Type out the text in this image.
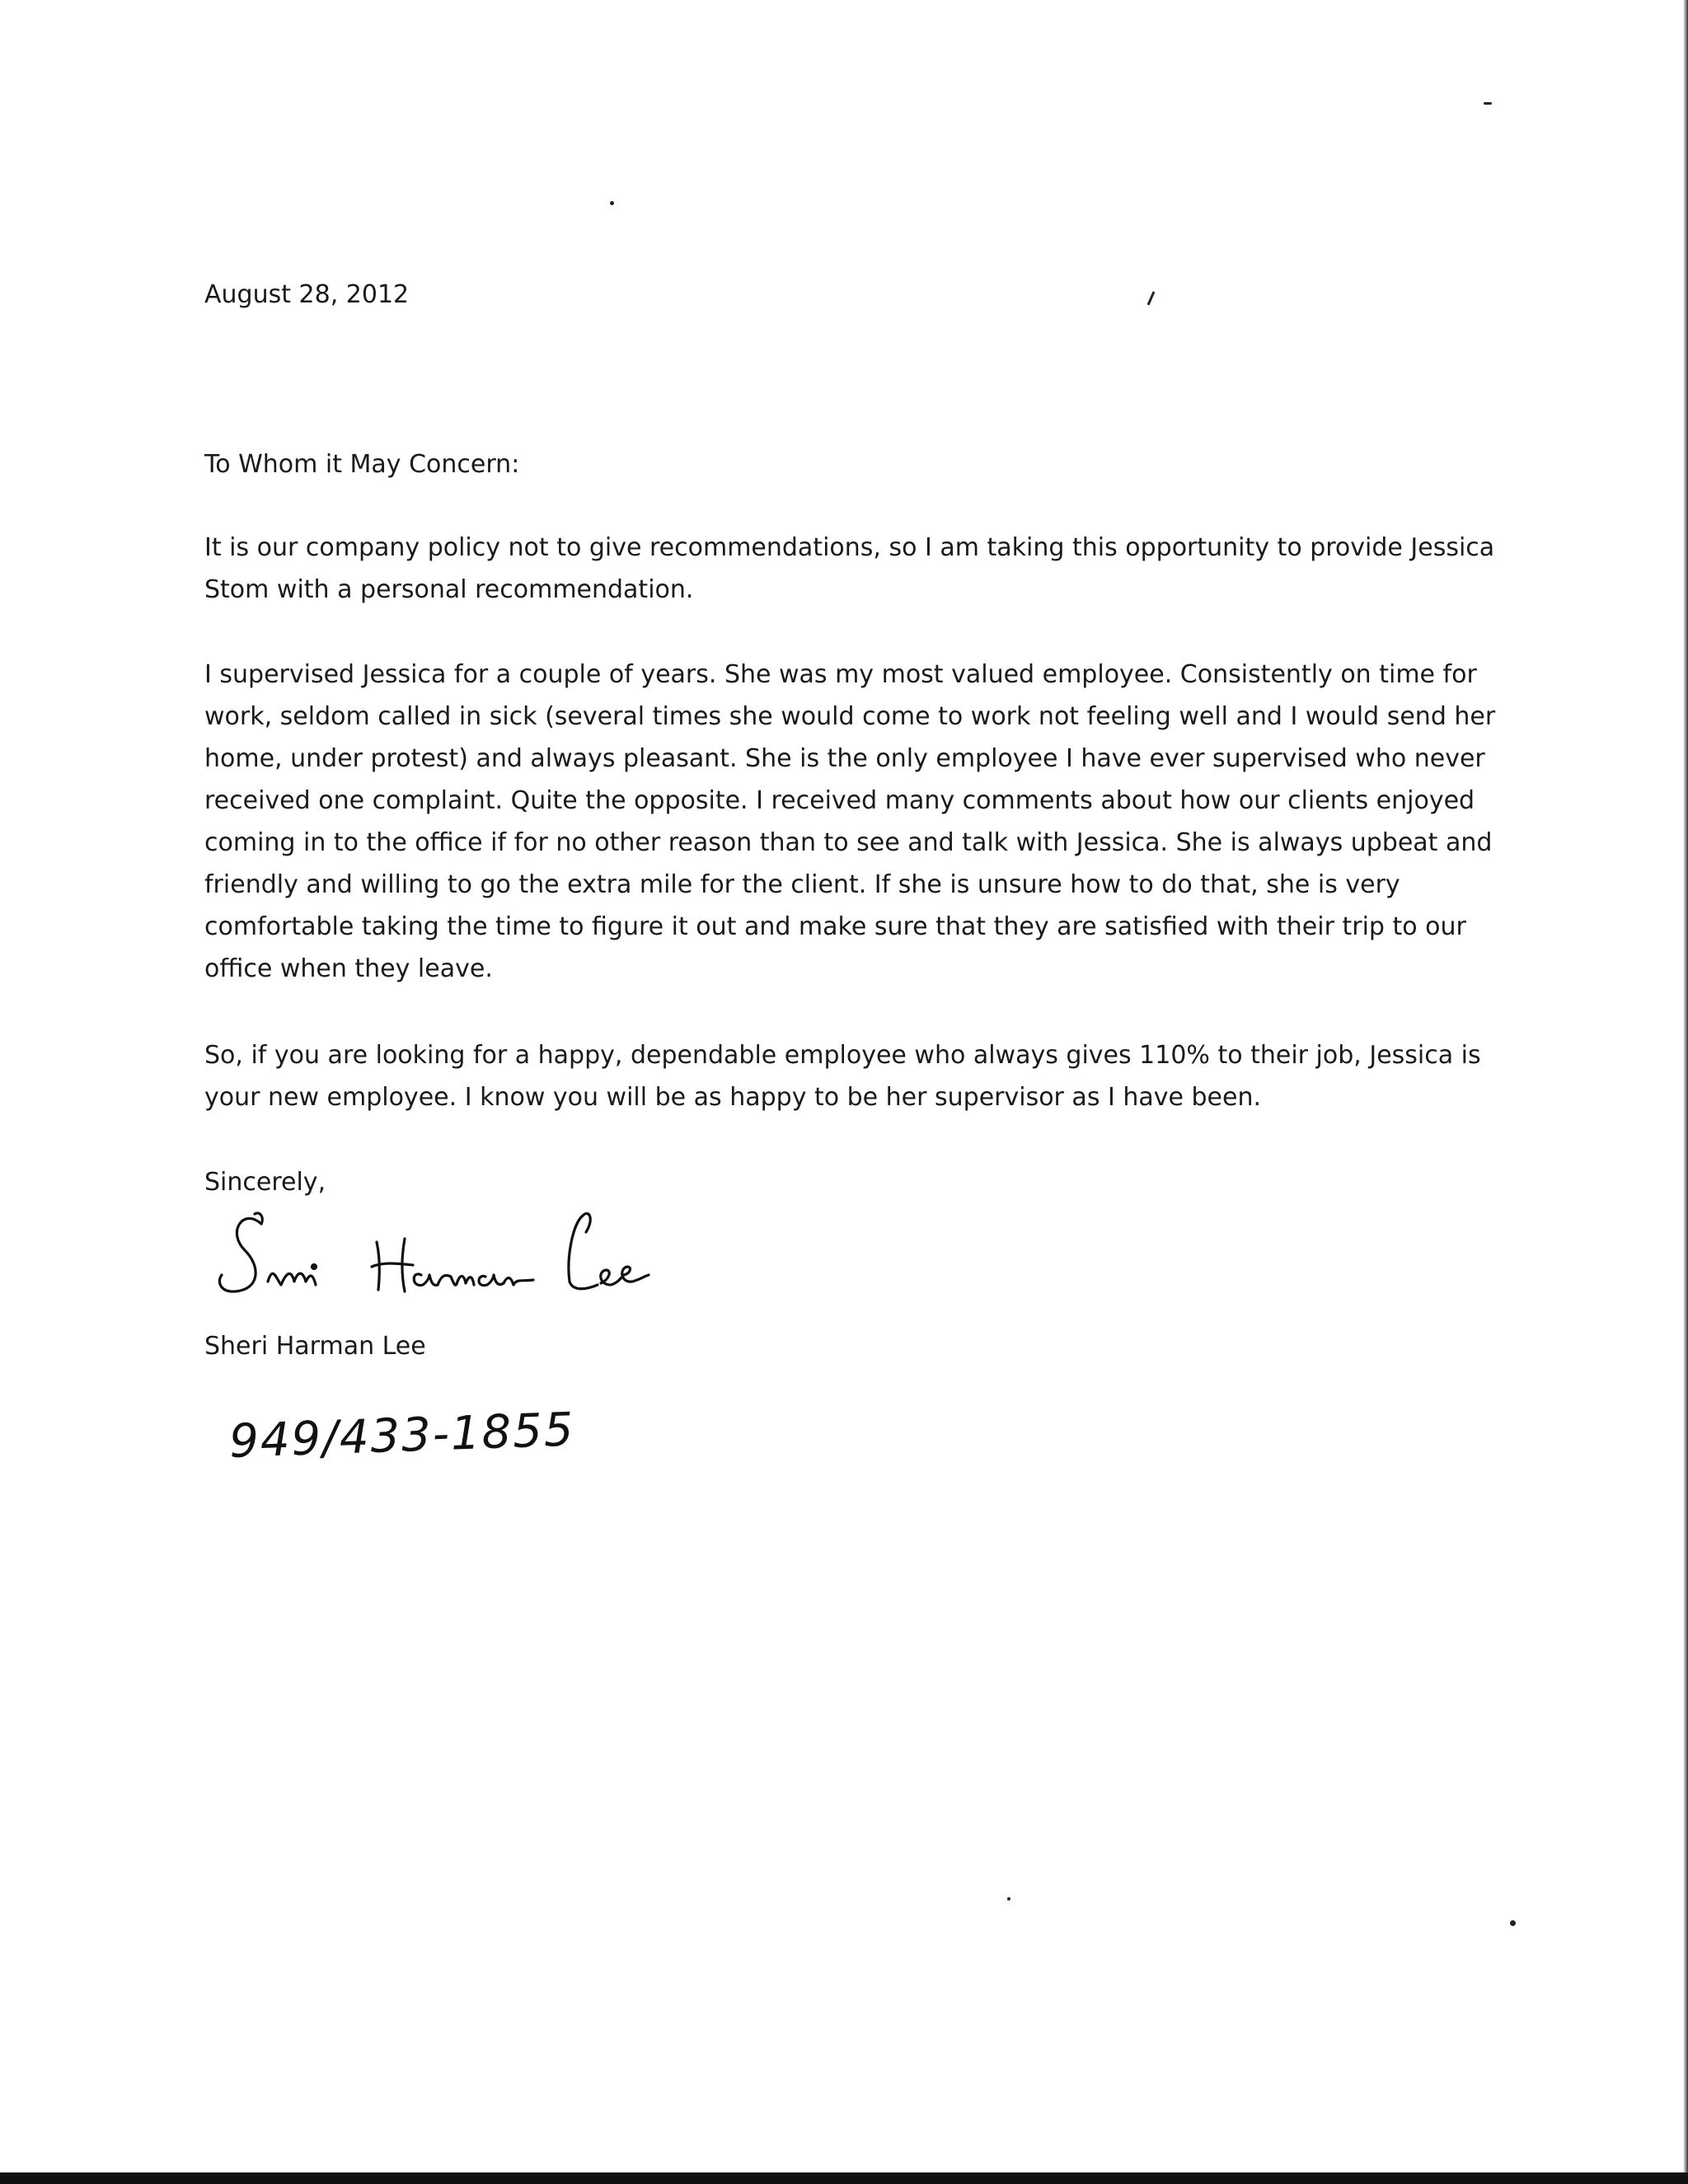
August 28, 2012
To Whom it May Concern:
It is our company policy not to give recommendations, so I am taking this opportunity to provide Jessica
Stom with a personal recommendation.
I supervised Jessica for a couple of years. She was my most valued employee. Consistently on time for
work, seldom called in sick (several times she would come to work not feeling well and I would send her
home, under protest) and always pleasant. She is the only employee I have ever supervised who never
received one complaint. Quite the opposite. I received many comments about how our clients enjoyed
coming in to the office if for no other reason than to see and talk with Jessica. She is always upbeat and
friendly and willing to go the extra mile for the client. If she is unsure how to do that, she is very
comfortable taking the time to figure it out and make sure that they are satisfied with their trip to our
office when they leave.
So, if you are looking for a happy, dependable employee who always gives 110% to their job, Jessica is
your new employee. I know you will be as happy to be her supervisor as I have been.
Sincerely,
Sheri Harman Lee
949/433-1855
